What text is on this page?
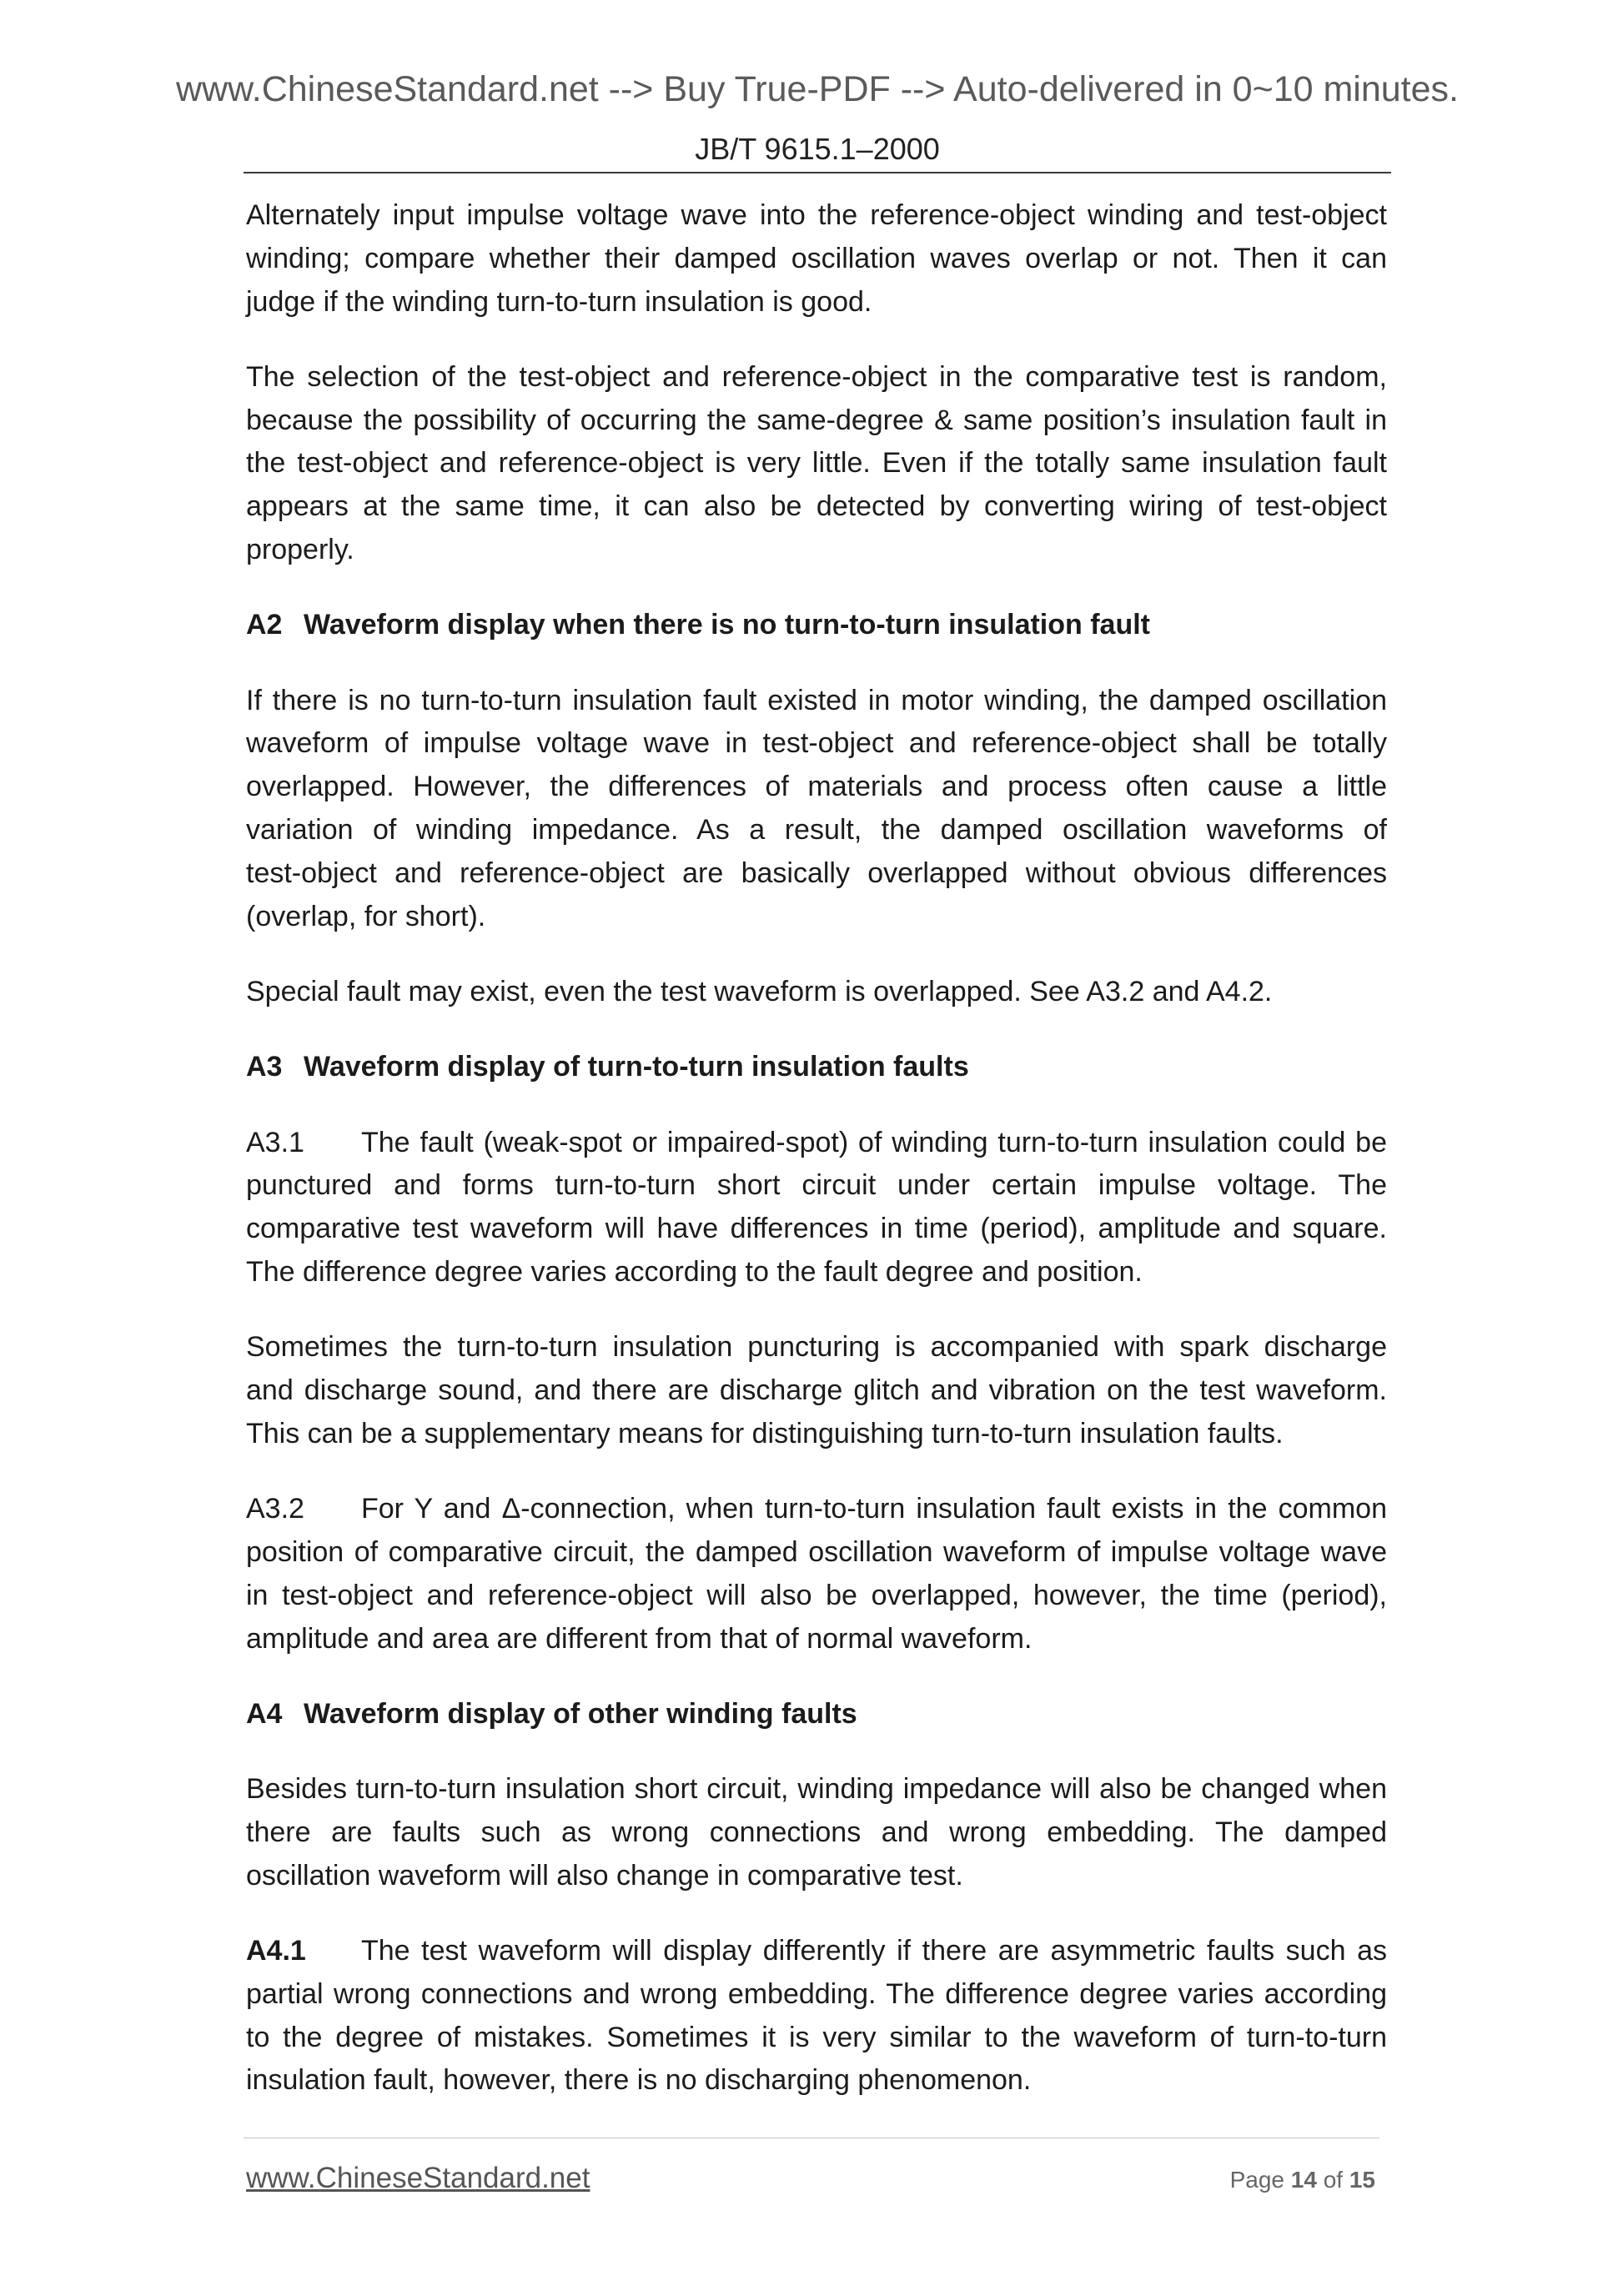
www.ChineseStandard.net --> Buy True-PDF --> Auto-delivered in 0~10 minutes.
JB/T 9615.1–2000
Alternately input impulse voltage wave into the reference-object winding and test-object
winding; compare whether their damped oscillation waves overlap or not. Then it can
judge if the winding turn-to-turn insulation is good.
The selection of the test-object and reference-object in the comparative test is random,
because the possibility of occurring the same-degree & same position’s insulation fault in
the test-object and reference-object is very little. Even if the totally same insulation fault
appears at the same time, it can also be detected by converting wiring of test-object
properly.
A2 Waveform display when there is no turn-to-turn insulation fault
If there is no turn-to-turn insulation fault existed in motor winding, the damped oscillation
waveform of impulse voltage wave in test-object and reference-object shall be totally
overlapped. However, the differences of materials and process often cause a little
variation of winding impedance. As a result, the damped oscillation waveforms of
test-object and reference-object are basically overlapped without obvious differences
(overlap, for short).
Special fault may exist, even the test waveform is overlapped. See A3.2 and A4.2.
A3 Waveform display of turn-to-turn insulation faults
A3.1	The fault (weak-spot or impaired-spot) of winding turn-to-turn insulation could be
punctured and forms turn-to-turn short circuit under certain impulse voltage. The
comparative test waveform will have differences in time (period), amplitude and square.
The difference degree varies according to the fault degree and position.
Sometimes the turn-to-turn insulation puncturing is accompanied with spark discharge
and discharge sound, and there are discharge glitch and vibration on the test waveform.
This can be a supplementary means for distinguishing turn-to-turn insulation faults.
A3.2	For Y and Δ-connection, when turn-to-turn insulation fault exists in the common
position of comparative circuit, the damped oscillation waveform of impulse voltage wave
in test-object and reference-object will also be overlapped, however, the time (period),
amplitude and area are different from that of normal waveform.
A4 Waveform display of other winding faults
Besides turn-to-turn insulation short circuit, winding impedance will also be changed when
there are faults such as wrong connections and wrong embedding. The damped
oscillation waveform will also change in comparative test.
A4.1	The test waveform will display differently if there are asymmetric faults such as
partial wrong connections and wrong embedding. The difference degree varies according
to the degree of mistakes. Sometimes it is very similar to the waveform of turn-to-turn
insulation fault, however, there is no discharging phenomenon.
www.ChineseStandard.net	Page 14 of 15
